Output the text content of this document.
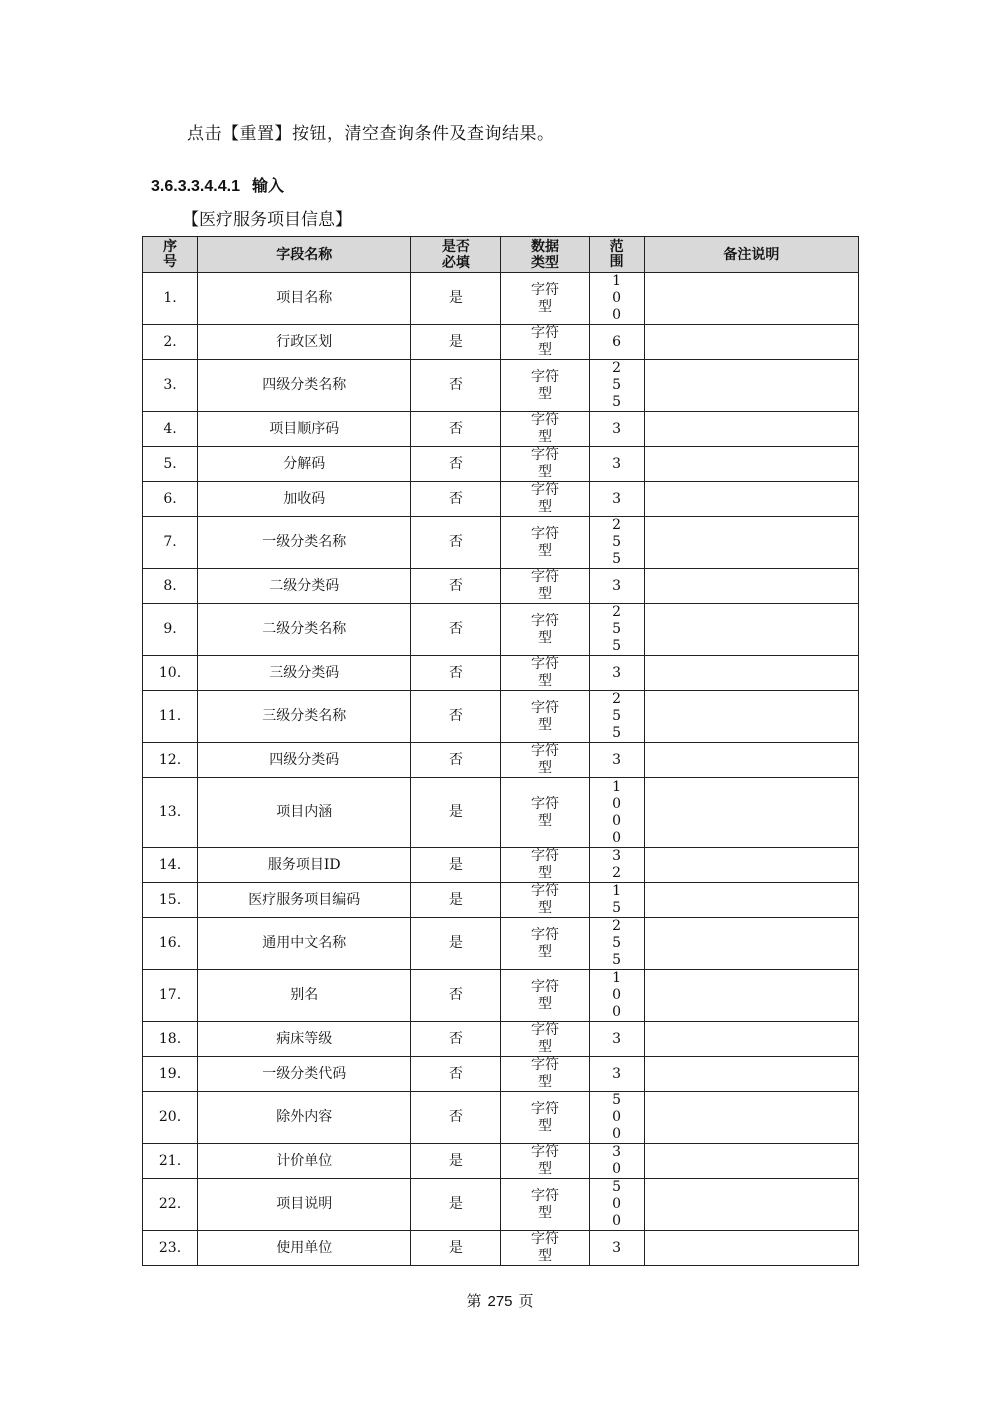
点击【重置】按钮，清空查询条件及查询结果。
3.6.3.3.4.4.1 输入
【医疗服务项目信息】
序号	字段名称	是否必填	数据类型	范围	备注说明
1.	项目名称	是	字符型	100	
2.	行政区划	是	字符型	6	
3.	四级分类名称	否	字符型	255	
4.	项目顺序码	否	字符型	3	
5.	分解码	否	字符型	3	
6.	加收码	否	字符型	3	
7.	一级分类名称	否	字符型	255	
8.	二级分类码	否	字符型	3	
9.	二级分类名称	否	字符型	255	
10.	三级分类码	否	字符型	3	
11.	三级分类名称	否	字符型	255	
12.	四级分类码	否	字符型	3	
13.	项目内涵	是	字符型	1000	
14.	服务项目ID	是	字符型	32	
15.	医疗服务项目编码	是	字符型	15	
16.	通用中文名称	是	字符型	255	
17.	别名	否	字符型	100	
18.	病床等级	否	字符型	3	
19.	一级分类代码	否	字符型	3	
20.	除外内容	否	字符型	500	
21.	计价单位	是	字符型	30	
22.	项目说明	是	字符型	500	
23.	使用单位	是	字符型	3	
第 275 页
